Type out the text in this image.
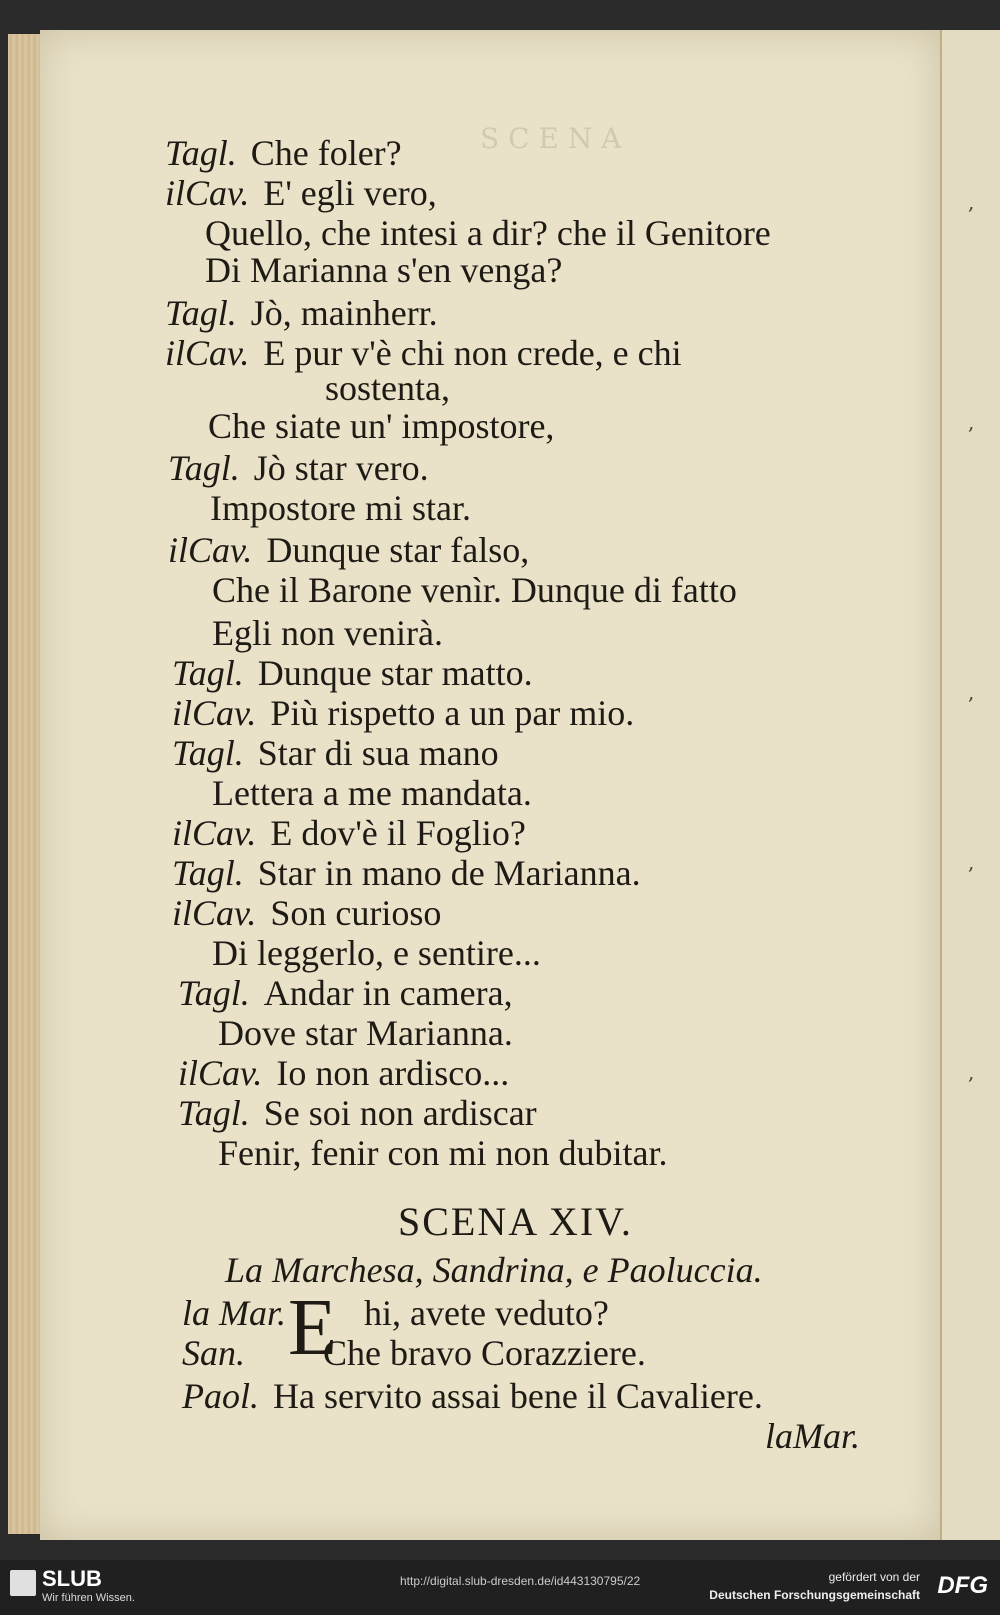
S C E N A
Tagl. Che foler?
ilCav. E' egli vero,
Quello, che intesi a dir? che il Genitore
Di Marianna s'en venga?
Tagl. Jò, mainherr.
ilCav. E pur v'è chi non crede, e chi
sostenta,
Che siate un' impostore,
Tagl. Jò star vero.
Impostore mi star.
ilCav. Dunque star falso,
Che il Barone venìr. Dunque di fatto
Egli non venirà.
Tagl. Dunque star matto.
ilCav. Più rispetto a un par mio.
Tagl. Star di sua mano
Lettera a me mandata.
ilCav. E dov'è il Foglio?
Tagl. Star in mano de Marianna.
ilCav. Son curioso
Di leggerlo, e sentire...
Tagl. Andar in camera,
Dove star Marianna.
ilCav. Io non ardisco...
Tagl. Se soi non ardiscar
Fenir, fenir con mi non dubitar.
SCENA XIV.
La Marchesa, Sandrina, e Paoluccia.
E
la Mar. hi, avete veduto?
San. Che bravo Corazziere.
Paol. Ha servito assai bene il Cavaliere.
laMar.
,
,
,
,
,
SLUB
Wir führen Wissen.
http://digital.slub-dresden.de/id443130795/22	gefördert von der
Deutschen Forschungsgemeinschaft DFG
